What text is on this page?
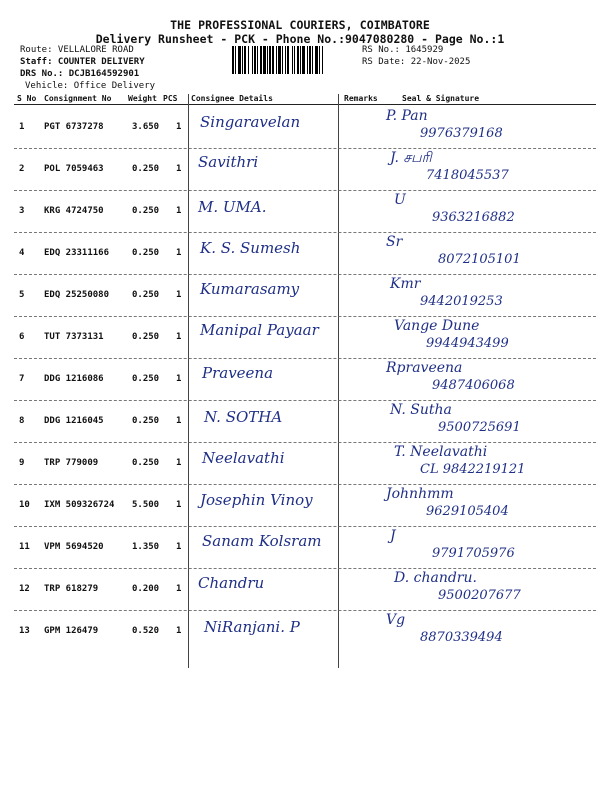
THE PROFESSIONAL COURIERS, COIMBATORE
Delivery Runsheet - PCK - Phone No.:9047080280 - Page No.:1
Route: VELLALORE ROAD
Staff: COUNTER DELIVERY
DRS No.: DCJB164592901
Vehicle: Office Delivery
RS No.: 1645929
RS Date: 22-Nov-2025
S No Consignment No Weight PCS Consignee Details	Remarks	Seal & Signature
1 PGT 6737278	3.650 1 Singaravelan	P. Pan
9976379168
2 POL 7059463	0.250 1 Savithri	J. சபரி
7418045537
3 KRG 4724750	0.250 1 M. UMA.	U
9363216882
4 EDQ 23311166	0.250 1 K. S. Sumesh	Sr
8072105101
5 EDQ 25250080	0.250 1 Kumarasamy	Kmr
9442019253
6 TUT 7373131	0.250 1 Manipal Payaar	Vange Dune
9944943499
7 DDG 1216086	0.250 1 Praveena	Rpraveena
9487406068
8 DDG 1216045	0.250 1 N. SOTHA	N. Sutha
9500725691
9 TRP 779009	0.250 1 Neelavathi	T. Neelavathi
CL 9842219121
10 IXM 509326724 5.500 1 Josephin Vinoy	Johnhmm
9629105404
11 VPM 5694520	1.350 1 Sanam Kolsram	J
9791705976
12 TRP 618279	0.200 1 Chandru	D. chandru.
9500207677
13 GPM 126479	0.520 1 NiRanjani. P	Vg
8870339494
